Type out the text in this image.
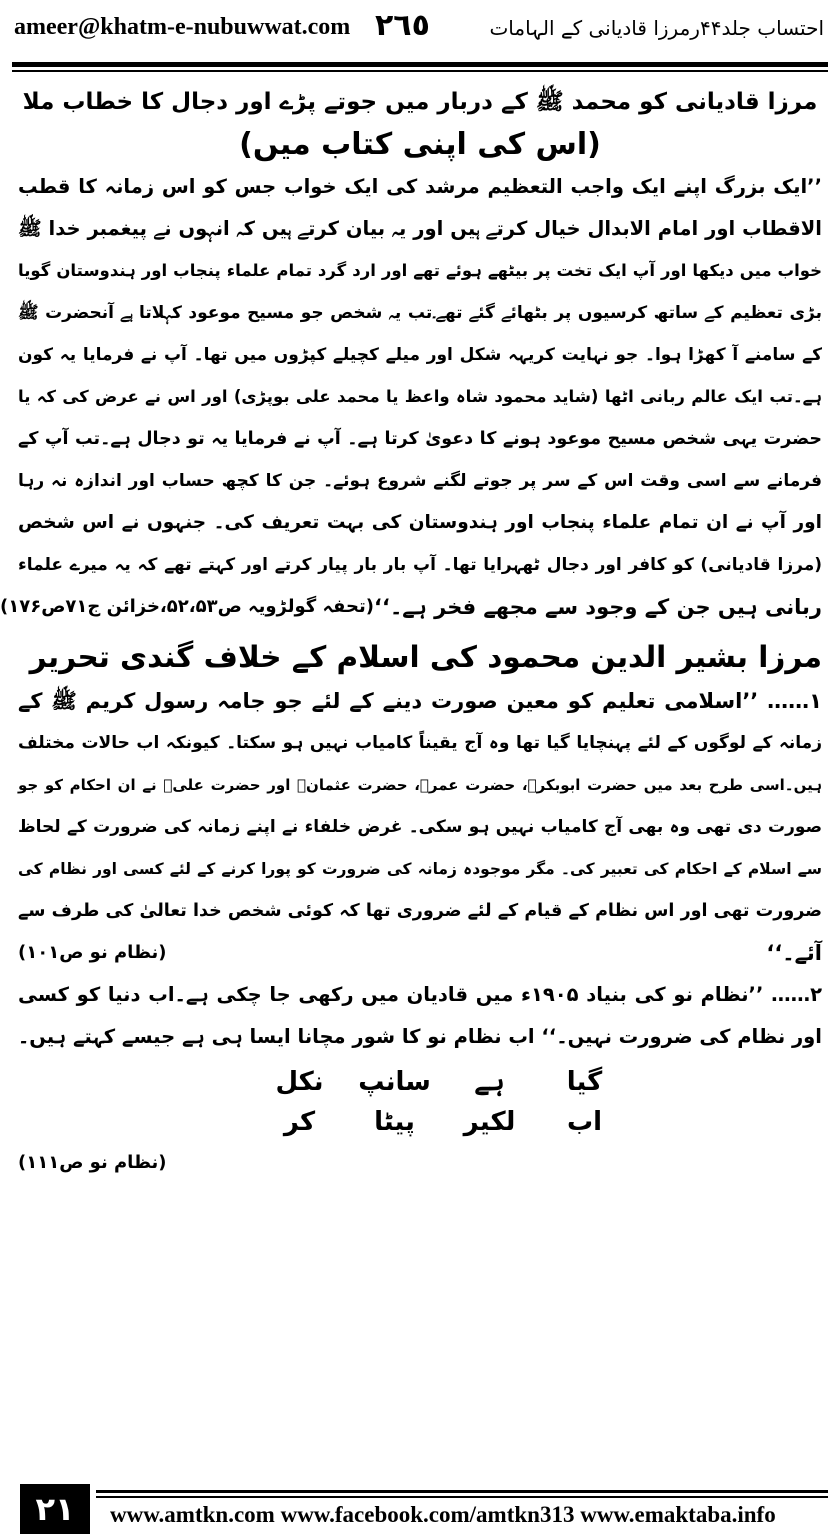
ameer@khatm-e-nubuwwat.com ٢٦٥	احتساب جلد۴۴رمرزا قادیانی کے الہامات
مرزا قادیانی کو محمد ﷺ کے دربار میں جوتے پڑے اور دجال کا خطاب ملا
(اس کی اپنی کتاب میں)
’’ایک بزرگ اپنے ایک واجب التعظیم مرشد کی ایک خواب جس کو اس زمانہ کا قطب
الاقطاب اور امام الابدال خیال کرتے ہیں اور یہ بیان کرتے ہیں کہ انہوں نے پیغمبر خدا ﷺ
خواب میں دیکھا اور آپ ایک تخت پر بیٹھے ہوئے تھے اور ارد گرد تمام علماء پنجاب اور ہندوستان گویا
بڑی تعظیم کے ساتھ کرسیوں پر بٹھائے گئے تھے۔تب یہ شخص جو مسیح موعود کہلاتا ہے آنحضرت ﷺ
کے سامنے آ کھڑا ہوا۔ جو نہایت کریہہ شکل اور میلے کچیلے کپڑوں میں تھا۔ آپ نے فرمایا یہ کون
ہے۔تب ایک عالم ربانی اٹھا (شاید محمود شاہ واعظ یا محمد علی بوپڑی) اور اس نے عرض کی کہ یا
حضرت یہی شخص مسیح موعود ہونے کا دعویٰ کرتا ہے۔ آپ نے فرمایا یہ تو دجال ہے۔تب آپ کے
فرمانے سے اسی وقت اس کے سر پر جوتے لگنے شروع ہوئے۔ جن کا کچھ حساب اور اندازہ نہ رہا
اور آپ نے ان تمام علماء پنجاب اور ہندوستان کی بہت تعریف کی۔ جنہوں نے اس شخص
(مرزا قادیانی) کو کافر اور دجال ٹھہرایا تھا۔ آپ بار بار پیار کرتے اور کہتے تھے کہ یہ میرے علماء
ربانی ہیں جن کے وجود سے مجھے فخر ہے۔‘‘
(تحفہ گولڑویہ ص۵۲،۵۳،خزائن ج۷۱ص۱۷۶)
مرزا بشیر الدین محمود کی اسلام کے خلاف گندی تحریر
۱…… ’’اسلامی تعلیم کو معین صورت دینے کے لئے جو جامہ رسول کریم ﷺ کے
زمانہ کے لوگوں کے لئے پہنچایا گیا تھا وہ آج یقیناً کامیاب نہیں ہو سکتا۔ کیونکہ اب حالات مختلف
ہیں۔اسی طرح بعد میں حضرت ابوبکرؓ، حضرت عمرؓ، حضرت عثمانؓ اور حضرت علیؓ نے ان احکام کو جو
صورت دی تھی وہ بھی آج کامیاب نہیں ہو سکی۔ غرض خلفاء نے اپنے زمانہ کی ضرورت کے لحاظ
سے اسلام کے احکام کی تعبیر کی۔ مگر موجودہ زمانہ کی ضرورت کو پورا کرنے کے لئے کسی اور نظام کی
ضرورت تھی اور اس نظام کے قیام کے لئے ضروری تھا کہ کوئی شخص خدا تعالیٰ کی طرف سے
آئے۔‘‘
(نظام نو ص۱۰۱)
۲…… ’’نظام نو کی بنیاد ۱۹۰۵ء میں قادیان میں رکھی جا چکی ہے۔اب دنیا کو کسی
اور نظام کی ضرورت نہیں۔‘‘ اب نظام نو کا شور مچانا ایسا ہی ہے جیسے کہتے ہیں۔
گیا
ہے
سانپ
نکل
اب
لکیر
پیٹا
کر
(نظام نو ص۱۱۱)
٢١	www.amtkn.com www.facebook.com/amtkn313 www.emaktaba.info
